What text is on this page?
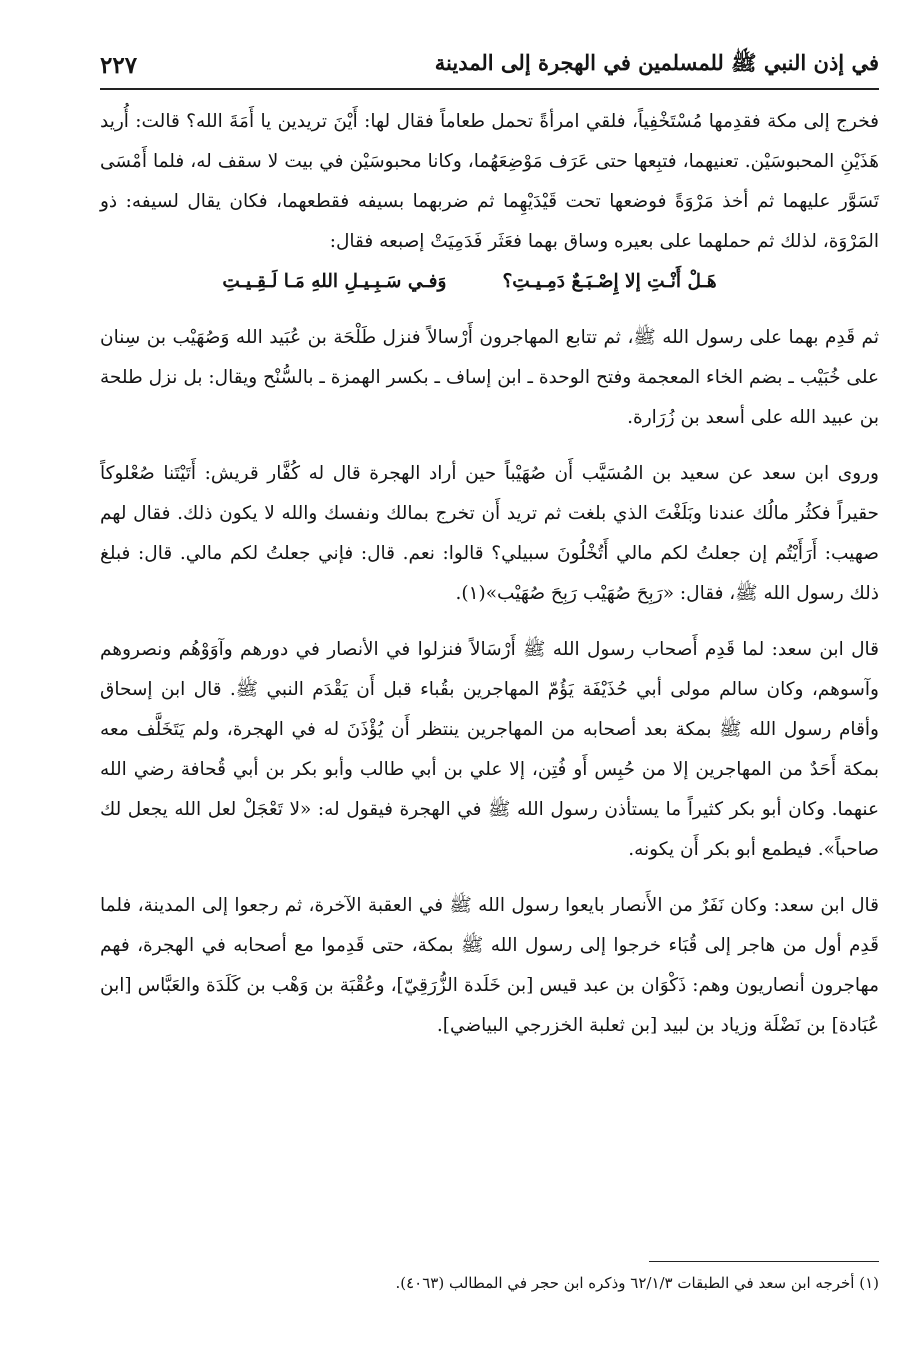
في إذن النبي ﷺ للمسلمين في الهجرة إلى المدينة
٢٢٧

فخرج إلى مكة فقدِمها مُسْتَخْفِياً، فلقي امرأةً تحمل طعاماً فقال لها: أَيْنَ تريدين يا أَمَةَ الله؟ قالت: أُريد هَذَيْنِ المحبوسَيْن. تعنيهما، فتبِعها حتى عَرَف مَوْضِعَهُما، وكانا محبوسَيْن في بيت لا سقف له، فلما أَمْسَى تَسَوَّر عليهما ثم أخذ مَرْوَةً فوضعها تحت قَيْدَيْهِما ثم ضربهما بسيفه فقطعهما، فكان يقال لسيفه: ذو المَرْوَة، لذلك ثم حملهما على بعيره وساق بهما فعَثَر فَدَمِيَتْ إصبعه فقال:

هَـلْ أَنْـتِ إلا إِصْـبَـعٌ دَمِـيـتِ؟
وَفـي سَـبِـيـلِ اللهِ مَـا لَـقِـيـتِ

ثم قَدِم بهما على رسول الله ﷺ، ثم تتابع المهاجرون أَرْسالاً فنزل طَلْحَة بن عُبَيد الله وَصُهَيْب بن سِنان على خُبَيْب ـ بضم الخاء المعجمة وفتح الوحدة ـ ابن إساف ـ بكسر الهمزة ـ بالسُّنْح ويقال: بل نزل طلحة بن عبيد الله على أسعد بن زُرَارة.

وروى ابن سعد عن سعيد بن المُسَيَّب أَن صُهَيْباً حين أراد الهجرة قال له كُفَّار قريش: أَتَيْتَنا صُعْلوكاً حقيراً فكثُر مالُك عندنا وبَلَغْتَ الذي بلغت ثم تريد أَن تخرج بمالك ونفسك والله لا يكون ذلك. فقال لهم صهيب: أَرَأَيْتُم إن جعلتُ لكم مالي أَتُخْلُونَ سبيلي؟ قالوا: نعم. قال: فإني جعلتُ لكم مالي. قال: فبلغ ذلك رسول الله ﷺ، فقال: «رَبِحَ صُهَيْب رَبِحَ صُهَيْب»(١).

قال ابن سعد: لما قَدِم أَصحاب رسول الله ﷺ أَرْسَالاً فنزلوا في الأنصار في دورهم وآوَوْهُم ونصروهم وآسوهم، وكان سالم مولى أبي حُذَيْفَة يَؤُمّ المهاجرين بقُباء قبل أَن يَقْدَم النبي ﷺ. قال ابن إسحاق وأقام رسول الله ﷺ بمكة بعد أصحابه من المهاجرين ينتظر أَن يُؤْذَنَ له في الهجرة، ولم يَتَخَلَّف معه بمكة أَحَدٌ من المهاجرين إلا من حُبِس أَو فُتِن، إلا علي بن أبي طالب وأبو بكر بن أبي قُحافة رضي الله عنهما. وكان أبو بكر كثيراً ما يستأذن رسول الله ﷺ في الهجرة فيقول له: «لا تَعْجَلْ لعل الله يجعل لك صاحباً». فيطمع أبو بكر أَن يكونه.

قال ابن سعد: وكان نَفَرٌ من الأَنصار بايعوا رسول الله ﷺ في العقبة الآخرة، ثم رجعوا إلى المدينة، فلما قَدِم أول من هاجر إلى قُبَاء خرجوا إلى رسول الله ﷺ بمكة، حتى قَدِموا مع أصحابه في الهجرة، فهم مهاجرون أنصاريون وهم: ذَكْوَان بن عبد قيس [بن خَلَدة الزُّرَقِيّ]، وعُقْبَة بن وَهْب بن كَلَدَة والعَبَّاس [ابن عُبَادة] بن نَضْلَة وزياد بن لبيد [بن ثعلبة الخزرجي البياضي].

(١) أخرجه ابن سعد في الطبقات ٦٢/١/٣ وذكره ابن حجر في المطالب (٤٠٦٣).
